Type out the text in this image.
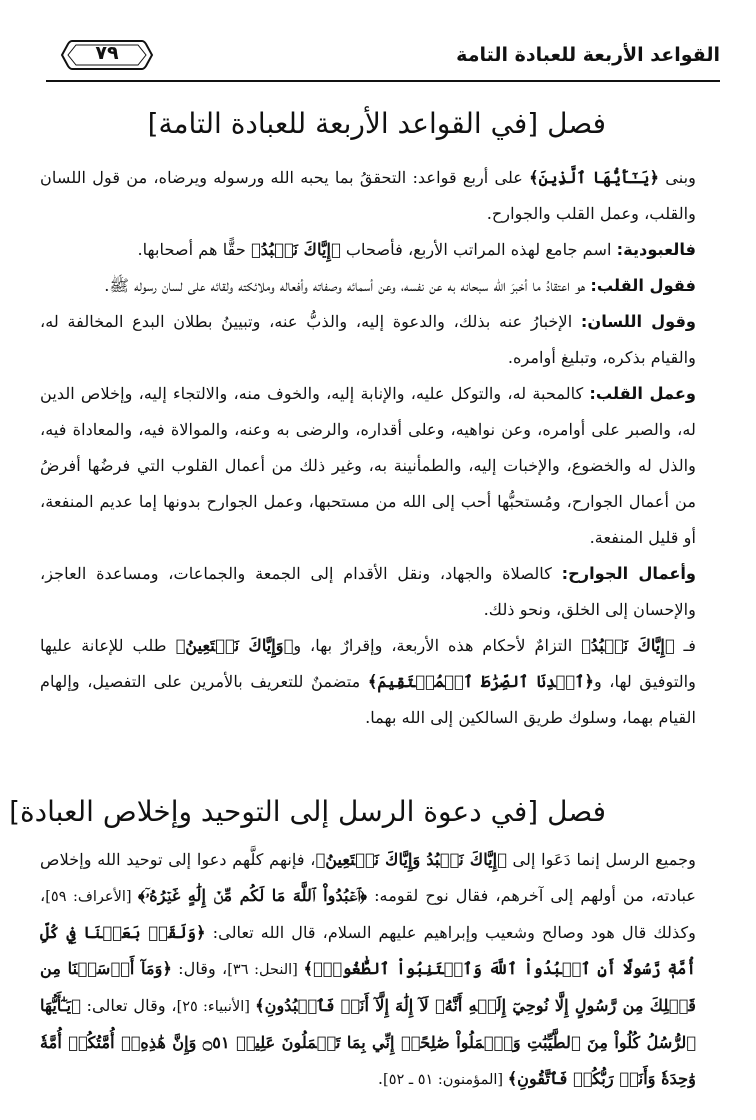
القواعد الأربعة للعبادة التامة
٧٩
فصل [في القواعد الأربعة للعبادة التامة]

وبنى ﴿يَـٰٓأَيُّهَا ٱلَّذِينَ﴾ على أربع قواعد: التحققُ بما يحبه الله ورسوله ويرضاه، من قول اللسان والقلب، وعمل القلب والجوارح.

فالعبودية: اسم جامع لهذه المراتب الأربع، فأصحاب ﴿إِيَّاكَ نَعۡبُدُ﴾ حقًّا هم أصحابها.

فقول القلب: هو اعتقادُ ما أخبرَ الله سبحانه به عن نفسه، وعن أسمائه وصفاته وأفعاله وملائكته ولقائه على لسان رسوله ﷺ.

وقول اللسان: الإخبارُ عنه بذلك، والدعوة إليه، والذبُّ عنه، وتبيينُ بطلان البدع المخالفة له، والقيام بذكره، وتبليغ أوامره.

وعمل القلب: كالمحبة له، والتوكل عليه، والإنابة إليه، والخوف منه، والالتجاء إليه، وإخلاص الدين له، والصبر على أوامره، وعن نواهيه، وعلى أقداره، والرضى به وعنه، والموالاة فيه، والمعاداة فيه، والذل له والخضوع، والإخبات إليه، والطمأنينة به، وغير ذلك من أعمال القلوب التي فرضُها أفرضُ من أعمال الجوارح، ومُستحبُّها أحب إلى الله من مستحبها، وعمل الجوارح بدونها إما عديم المنفعة، أو قليل المنفعة.

وأعمال الجوارح: كالصلاة والجهاد، ونقل الأقدام إلى الجمعة والجماعات، ومساعدة العاجز، والإحسان إلى الخلق، ونحو ذلك.

فـ ﴿إِيَّاكَ نَعۡبُدُ﴾ التزامٌ لأحكام هذه الأربعة، وإقرارٌ بها، و﴿وَإِيَّاكَ نَسۡتَعِينُ﴾ طلب للإعانة عليها والتوفيق لها، و﴿ٱهۡدِنَا ٱلصِّرَٰطَ ٱلۡمُسۡتَقِيمَ﴾ متضمنٌ للتعريف بالأمرين على التفصيل، وإلهام القيام بهما، وسلوك طريق السالكين إلى الله بهما.

فصل [في دعوة الرسل إلى التوحيد وإخلاص العبادة]

وجميع الرسل إنما دَعَوا إلى ﴿إِيَّاكَ نَعۡبُدُ وَإِيَّاكَ نَسۡتَعِينُ﴾، فإنهم كلَّهم دعوا إلى توحيد الله وإخلاص عبادته، من أولهم إلى آخرهم، فقال نوح لقومه: ﴿ٱعۡبُدُواْ ٱللَّهَ مَا لَكُم مِّنۡ إِلَٰهٍ غَيۡرُهُۥٓ﴾ [الأعراف: ٥٩]، وكذلك قال هود وصالح وشعيب وإبراهيم عليهم السلام، قال الله تعالى: ﴿وَلَقَدۡ بَعَثۡنَا فِي كُلِّ أُمَّةٖ رَّسُولًا أَنِ ٱعۡبُدُواْ ٱللَّهَ وَٱجۡتَنِبُواْ ٱلطَّٰغُوتَۖ﴾ [النحل: ٣٦]، وقال: ﴿وَمَآ أَرۡسَلۡنَا مِن قَبۡلِكَ مِن رَّسُولٍ إِلَّا نُوحِيٓ إِلَيۡهِ أَنَّهُۥ لَآ إِلَٰهَ إِلَّآ أَنَا۠ فَٱعۡبُدُونِ﴾ [الأنبياء: ٢٥]، وقال تعالى: ﴿يَـٰٓأَيُّهَا ٱلرُّسُلُ كُلُواْ مِنَ ٱلطَّيِّبَٰتِ وَٱعۡمَلُواْ صَٰلِحًاۖ إِنِّي بِمَا تَعۡمَلُونَ عَلِيمٞ ۝٥١ وَإِنَّ هَٰذِهِۦٓ أُمَّتُكُمۡ أُمَّةٗ وَٰحِدَةٗ وَأَنَا۠ رَبُّكُمۡ فَٱتَّقُونِ﴾ [المؤمنون: ٥١ ـ ٥٢].
